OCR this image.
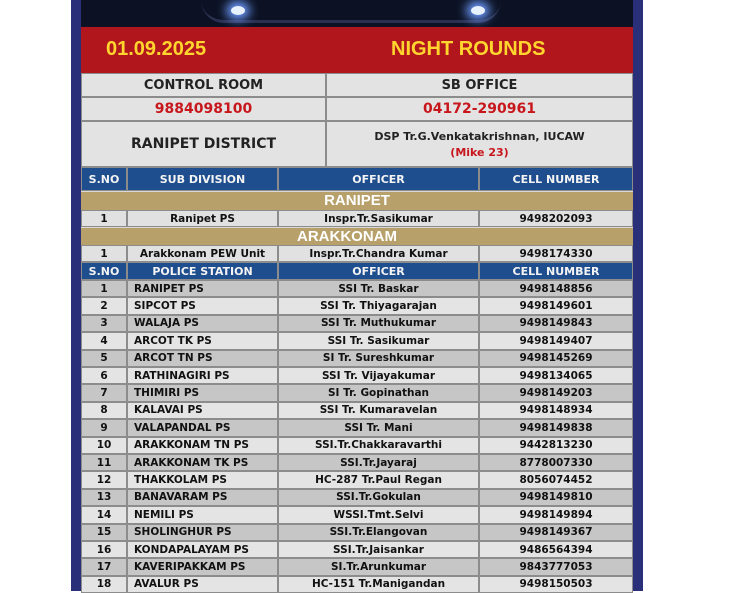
01.09.2025	NIGHT ROUNDS
CONTROL ROOM	SB OFFICE
9884098100	04172-290961
RANIPET DISTRICT	DSP Tr.G.Venkatakrishnan, IUCAW
(Mike 23)
S.NO	SUB DIVISION	OFFICER	CELL NUMBER
RANIPET
1	Ranipet PS	Inspr.Tr.Sasikumar	9498202093
ARAKKONAM
1	Arakkonam PEW Unit	Inspr.Tr.Chandra Kumar	9498174330
S.NO	POLICE STATION	OFFICER	CELL NUMBER
1	RANIPET PS	SSI Tr. Baskar	9498148856
2	SIPCOT PS	SSI Tr. Thiyagarajan	9498149601
3	WALAJA PS	SSI Tr. Muthukumar	9498149843
4	ARCOT TK PS	SSI Tr. Sasikumar	9498149407
5	ARCOT TN PS	SI Tr. Sureshkumar	9498145269
6	RATHINAGIRI PS	SSI Tr. Vijayakumar	9498134065
7	THIMIRI PS	SI Tr. Gopinathan	9498149203
8	KALAVAI PS	SSI Tr. Kumaravelan	9498148934
9	VALAPANDAL PS	SSI Tr. Mani	9498149838
10	ARAKKONAM TN PS	SSI.Tr.Chakkaravarthi	9442813230
11	ARAKKONAM TK PS	SSI.Tr.Jayaraj	8778007330
12	THAKKOLAM PS	HC-287 Tr.Paul Regan	8056074452
13	BANAVARAM PS	SSI.Tr.Gokulan	9498149810
14	NEMILI PS	WSSI.Tmt.Selvi	9498149894
15	SHOLINGHUR PS	SSI.Tr.Elangovan	9498149367
16	KONDAPALAYAM PS	SSI.Tr.Jaisankar	9486564394
17	KAVERIPAKKAM PS	SI.Tr.Arunkumar	9843777053
18	AVALUR PS	HC-151 Tr.Manigandan	9498150503
